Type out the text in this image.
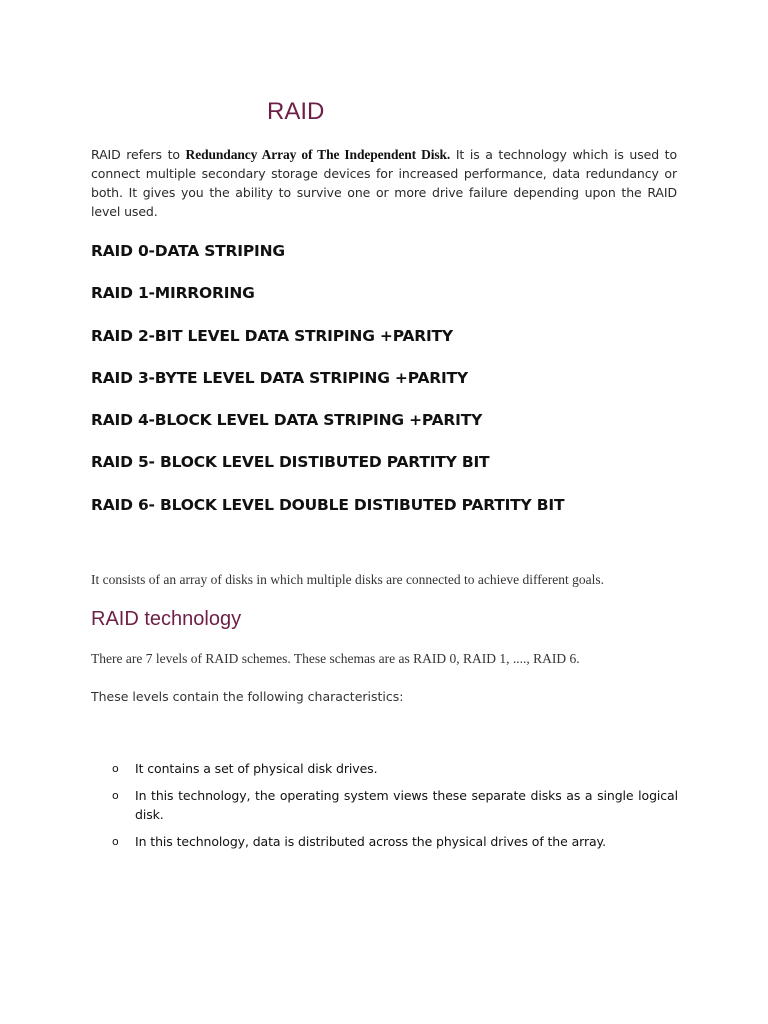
RAID

RAID refers to Redundancy Array of The Independent Disk. It is a technology which is used to connect multiple secondary storage devices for increased performance, data redundancy or both. It gives you the ability to survive one or more drive failure depending upon the RAID level used.

RAID 0-DATA STRIPING
RAID 1-MIRRORING
RAID 2-BIT LEVEL DATA STRIPING +PARITY
RAID 3-BYTE LEVEL DATA STRIPING +PARITY
RAID 4-BLOCK LEVEL DATA STRIPING +PARITY
RAID 5- BLOCK LEVEL DISTIBUTED PARTITY BIT
RAID 6- BLOCK LEVEL DOUBLE DISTIBUTED PARTITY BIT

It consists of an array of disks in which multiple disks are connected to achieve different goals.

RAID technology

There are 7 levels of RAID schemes. These schemas are as RAID 0, RAID 1, ...., RAID 6.

These levels contain the following characteristics:

o It contains a set of physical disk drives.
o In this technology, the operating system views these separate disks as a single logical disk.
o In this technology, data is distributed across the physical drives of the array.
